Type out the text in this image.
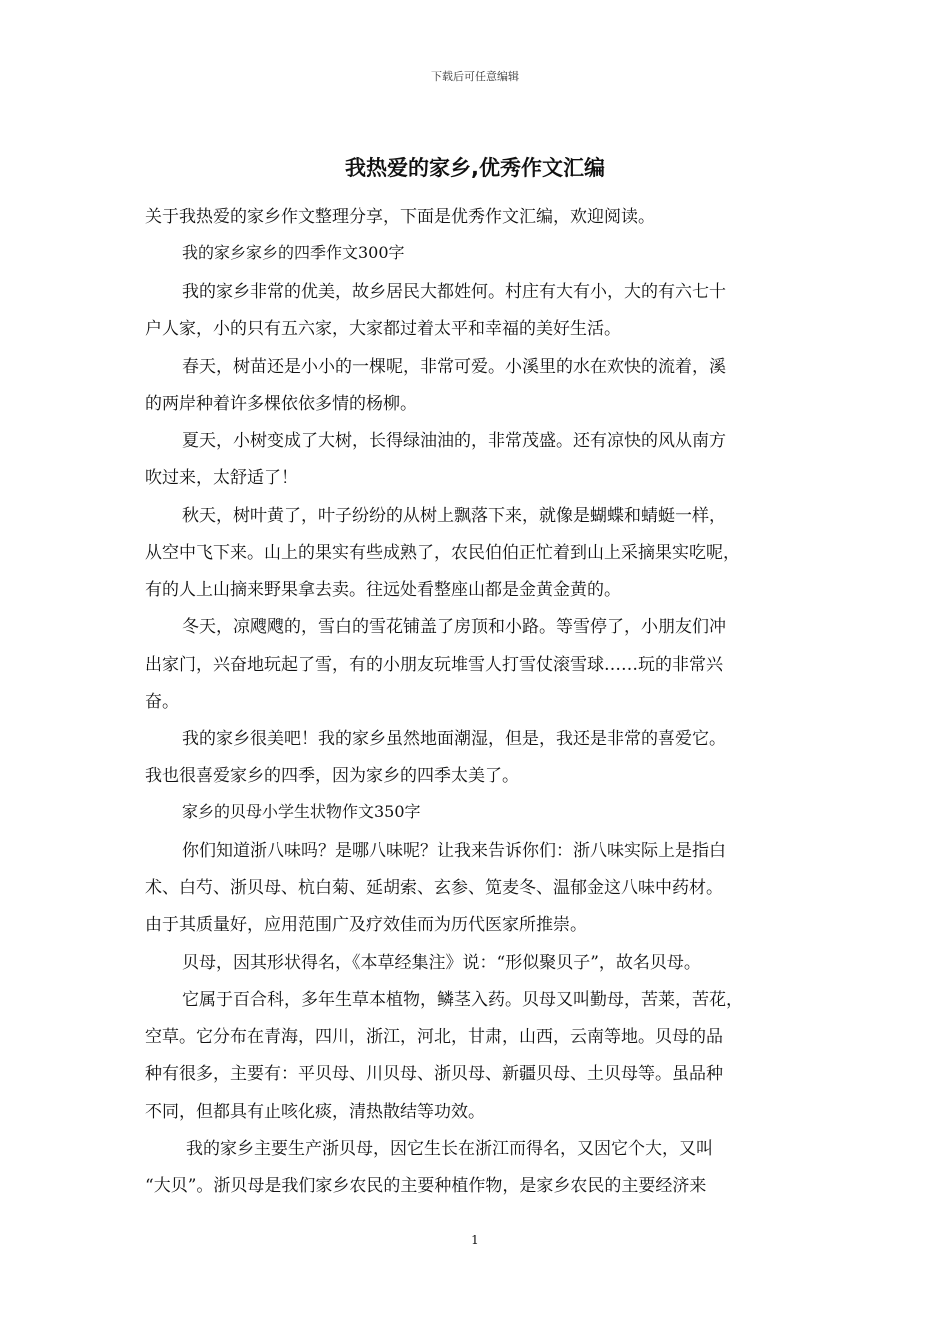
下载后可任意编辑
我热爱的家乡,优秀作文汇编
关于我热爱的家乡作文整理分享，下面是优秀作文汇编，欢迎阅读。
我的家乡家乡的四季作文300字
我的家乡非常的优美，故乡居民大都姓何。村庄有大有小，大的有六七十
户人家，小的只有五六家，大家都过着太平和幸福的美好生活。
春天，树苗还是小小的一棵呢，非常可爱。小溪里的水在欢快的流着，溪
的两岸种着许多棵依依多情的杨柳。
夏天，小树变成了大树，长得绿油油的，非常茂盛。还有凉快的风从南方
吹过来，太舒适了！
秋天，树叶黄了，叶子纷纷的从树上飘落下来，就像是蝴蝶和蜻蜓一样，
从空中飞下来。山上的果实有些成熟了，农民伯伯正忙着到山上采摘果实吃呢，
有的人上山摘来野果拿去卖。往远处看整座山都是金黄金黄的。
冬天，凉飕飕的，雪白的雪花铺盖了房顶和小路。等雪停了，小朋友们冲
出家门，兴奋地玩起了雪，有的小朋友玩堆雪人打雪仗滚雪球……玩的非常兴
奋。
我的家乡很美吧！我的家乡虽然地面潮湿，但是，我还是非常的喜爱它。
我也很喜爱家乡的四季，因为家乡的四季太美了。
家乡的贝母小学生状物作文350字
你们知道浙八味吗？是哪八味呢？让我来告诉你们：浙八味实际上是指白
术、白芍、浙贝母、杭白菊、延胡索、玄参、笕麦冬、温郁金这八味中药材。
由于其质量好，应用范围广及疗效佳而为历代医家所推崇。
贝母，因其形状得名，《本草经集注》说：“形似聚贝子”，故名贝母。
它属于百合科，多年生草本植物，鳞茎入药。贝母又叫勤母，苦莱，苦花，
空草。它分布在青海，四川，浙江，河北，甘肃，山西，云南等地。贝母的品
种有很多，主要有：平贝母、川贝母、浙贝母、新疆贝母、土贝母等。虽品种
不同，但都具有止咳化痰，清热散结等功效。
我的家乡主要生产浙贝母，因它生长在浙江而得名，又因它个大，又叫
“大贝”。浙贝母是我们家乡农民的主要种植作物，是家乡农民的主要经济来
1
